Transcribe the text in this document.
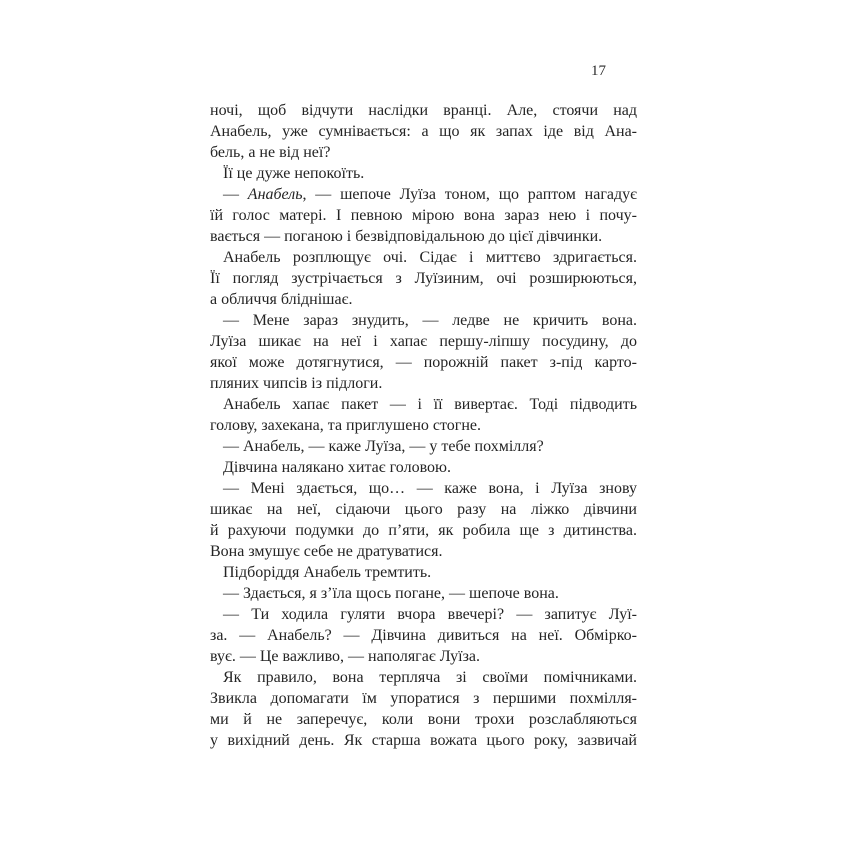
17
ночі, щоб відчути наслідки вранці. Але, стоячи над
Анабель, уже сумнівається: а що як запах іде від Ана-
бель, а не від неї?
Її це дуже непокоїть.
— Анабель, — шепоче Луїза тоном, що раптом нагадує
їй голос матері. І певною мірою вона зараз нею і почу-
вається — поганою і безвідповідальною до цієї дівчинки.
Анабель розплющує очі. Сідає і миттєво здригається.
Її погляд зустрічається з Луїзиним, очі розширюються,
а обличчя бліднішає.
— Мене зараз знудить, — ледве не кричить вона.
Луїза шикає на неї і хапає першу-ліпшу посудину, до
якої може дотягнутися, — порожній пакет з-під карто-
пляних чипсів із підлоги.
Анабель хапає пакет — і її вивертає. Тоді підводить
голову, захекана, та приглушено стогне.
— Анабель, — каже Луїза, — у тебе похмілля?
Дівчина налякано хитає головою.
— Мені здається, що… — каже вона, і Луїза знову
шикає на неї, сідаючи цього разу на ліжко дівчини
й рахуючи подумки до п’яти, як робила ще з дитинства.
Вона змушує себе не дратуватися.
Підборіддя Анабель тремтить.
— Здається, я з’їла щось погане, — шепоче вона.
— Ти ходила гуляти вчора ввечері? — запитує Луї-
за. — Анабель? — Дівчина дивиться на неї. Обмірко-
вує. — Це важливо, — наполягає Луїза.
Як правило, вона терпляча зі своїми помічниками.
Звикла допомагати їм упоратися з першими похмілля-
ми й не заперечує, коли вони трохи розслабляються
у вихідний день. Як старша вожата цього року, зазвичай
